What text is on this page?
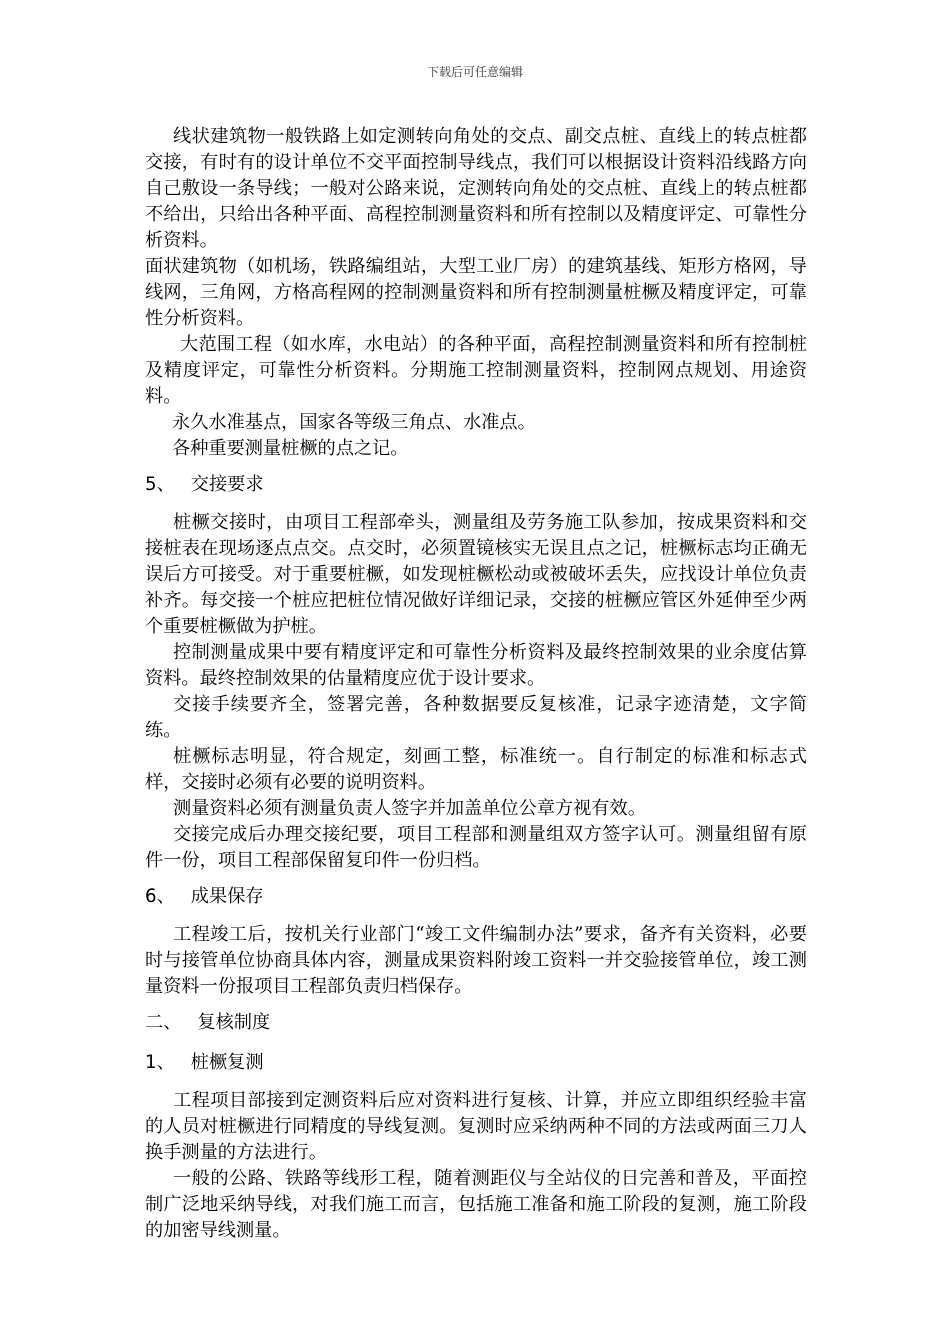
下载后可任意编辑

线状建筑物一般铁路上如定测转向角处的交点、副交点桩、直线上的转点桩都交接，有时有的设计单位不交平面控制导线点，我们可以根据设计资料沿线路方向自己敷设一条导线；一般对公路来说，定测转向角处的交点桩、直线上的转点桩都不给出，只给出各种平面、高程控制测量资料和所有控制以及精度评定、可靠性分析资料。

面状建筑物（如机场，铁路编组站，大型工业厂房）的建筑基线、矩形方格网，导线网，三角网，方格高程网的控制测量资料和所有控制测量桩橛及精度评定，可靠性分析资料。

大范围工程（如水库，水电站）的各种平面，高程控制测量资料和所有控制桩及精度评定，可靠性分析资料。分期施工控制测量资料，控制网点规划、用途资料。

永久水准基点，国家各等级三角点、水准点。

各种重要测量桩橛的点之记。

5、 交接要求

桩橛交接时，由项目工程部牵头，测量组及劳务施工队参加，按成果资料和交接桩表在现场逐点点交。点交时，必须置镜核实无误且点之记，桩橛标志均正确无误后方可接受。对于重要桩橛，如发现桩橛松动或被破坏丢失，应找设计单位负责补齐。每交接一个桩应把桩位情况做好详细记录，交接的桩橛应管区外延伸至少两个重要桩橛做为护桩。

控制测量成果中要有精度评定和可靠性分析资料及最终控制效果的业余度估算资料。最终控制效果的估量精度应优于设计要求。

交接手续要齐全，签署完善，各种数据要反复核准，记录字迹清楚，文字简练。

桩橛标志明显，符合规定，刻画工整，标准统一。自行制定的标准和标志式样，交接时必须有必要的说明资料。

测量资料必须有测量负责人签字并加盖单位公章方视有效。

交接完成后办理交接纪要，项目工程部和测量组双方签字认可。测量组留有原件一份，项目工程部保留复印件一份归档。

6、 成果保存

工程竣工后，按机关行业部门“竣工文件编制办法”要求，备齐有关资料，必要时与接管单位协商具体内容，测量成果资料附竣工资料一并交验接管单位，竣工测量资料一份报项目工程部负责归档保存。

二、 复核制度
1、 桩橛复测

工程项目部接到定测资料后应对资料进行复核、计算，并应立即组织经验丰富的人员对桩橛进行同精度的导线复测。复测时应采纳两种不同的方法或两面三刀人换手测量的方法进行。

一般的公路、铁路等线形工程，随着测距仪与全站仪的日完善和普及，平面控制广泛地采纳导线，对我们施工而言，包括施工准备和施工阶段的复测，施工阶段的加密导线测量。
